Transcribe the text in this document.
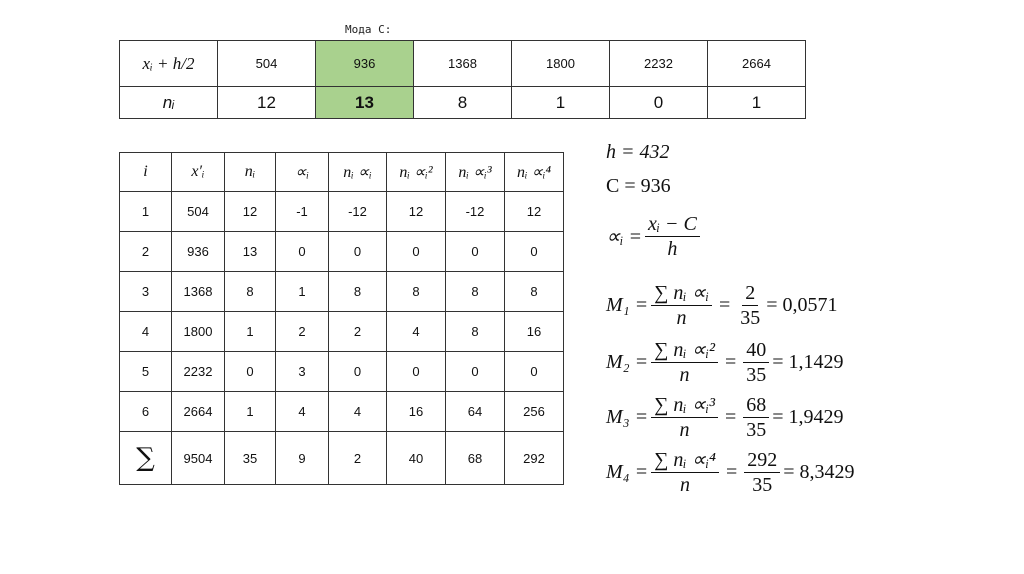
Мода C:
xᵢ + h/2	504	936	1368	1800	2232	2664
nᵢ	12	13	8	1	0	1
i	x′ᵢ	nᵢ	∝ᵢ	nᵢ ∝ᵢ	nᵢ ∝ᵢ²	nᵢ ∝ᵢ³	nᵢ ∝ᵢ⁴
1	504	12	-1	-12	12	-12	12
2	936	13	0	0	0	0	0
3	1368	8	1	8	8	8	8
4	1800	1	2	2	4	8	16
5	2232	0	3	0	0	0	0
6	2664	1	4	4	16	64	256
∑	9504	35	9	2	40	68	292
h = 432
C = 936
∝ᵢ = $\frac{\text{xᵢ − C}}{h}$
$M_1 = \frac{\text{∑ nᵢ ∝ᵢ}}{n} = \frac{2}{35} = 0,0571$
$M_2 = \frac{\text{∑ nᵢ ∝ᵢ²}}{n} = \frac{40}{35} = 1,1429$
$M_3 = \frac{\text{∑ nᵢ ∝ᵢ³}}{n} = \frac{68}{35} = 1,9429$
$M_4 = \frac{\text{∑ nᵢ ∝ᵢ⁴}}{n} = \frac{292}{35} = 8,3429$
